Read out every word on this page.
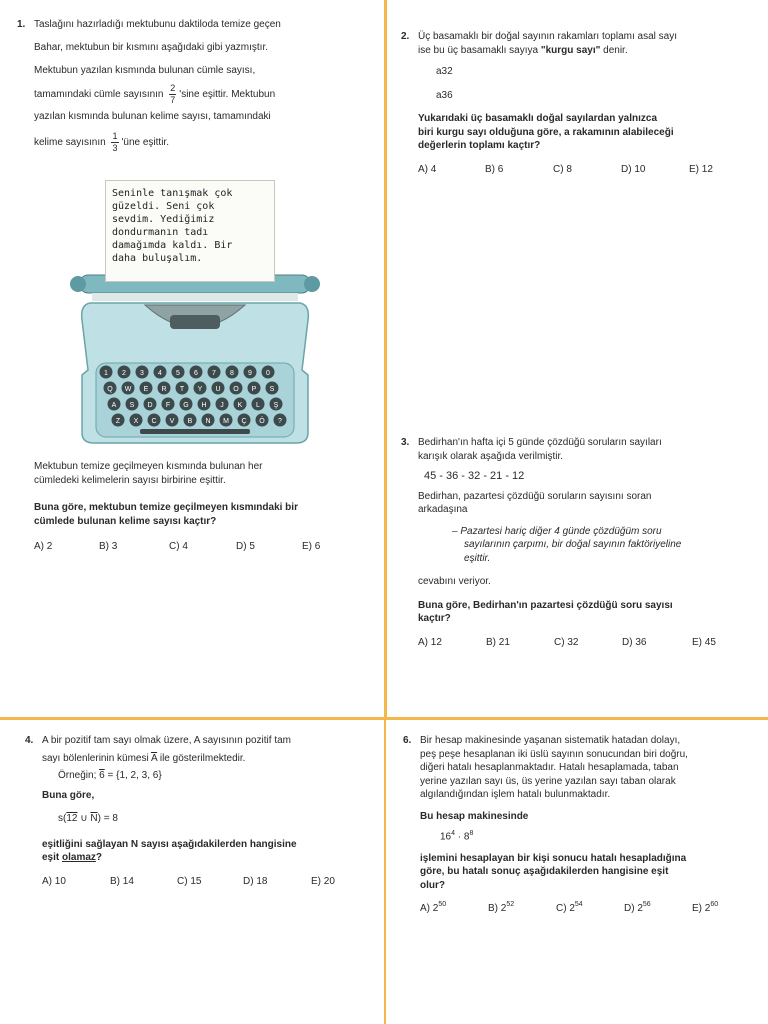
1. Taslağını hazırladığı mektubunu daktiloda temize geçen
Bahar, mektubun bir kısmını aşağıdaki gibi yazmıştır.
Mektubun yazılan kısmında bulunan cümle sayısı,
tamamındaki cümle sayısının $\frac{2}{7}$ 'sine eşittir. Mektubun
yazılan kısmında bulunan kelime sayısı, tamamındaki
kelime sayısının $\frac{1}{3}$ 'üne eşittir.
1 2 3 4 5 6 7 8 9 0
Q W E R T Y U O P S
A S D F G H J K L Ş
Z X C V B N M Ç Ö ?
Seninle tanışmak çok
güzeldi. Seni çok
sevdim. Yediğimiz
dondurmanın tadı
damağımda kaldı. Bir
daha buluşalım.
Mektubun temize geçilmeyen kısmında bulunan her
cümledeki kelimelerin sayısı birbirine eşittir.
Buna göre, mektubun temize geçilmeyen kısmındaki bir
cümlede bulunan kelime sayısı kaçtır?
A) 2	B) 3	C) 4	D) 5	E) 6
2. Üç basamaklı bir doğal sayının rakamları toplamı asal sayı
ise bu üç basamaklı sayıya "kurgu sayı" denir.
a32
a36
Yukarıdaki üç basamaklı doğal sayılardan yalnızca
biri kurgu sayı olduğuna göre, a rakamının alabileceği
değerlerin toplamı kaçtır?
A) 4	B) 6	C) 8	D) 10	E) 12
3. Bedirhan'ın hafta içi 5 günde çözdüğü soruların sayıları
karışık olarak aşağıda verilmiştir.
45 - 36 - 32 - 21 - 12
Bedirhan, pazartesi çözdüğü soruların sayısını soran
arkadaşına
– Pazartesi hariç diğer 4 günde çözdüğüm soru
sayılarının çarpımı, bir doğal sayının faktöriyeline
eşittir.
cevabını veriyor.
Buna göre, Bedirhan'ın pazartesi çözdüğü soru sayısı
kaçtır?
A) 12	B) 21	C) 32	D) 36	E) 45
4. A bir pozitif tam sayı olmak üzere, A sayısının pozitif tam
sayı bölenlerinin kümesi $\overline{A}$ ile gösterilmektedir.
Örneğin; 6 = {1, 2, 3, 6}
Buna göre,
s(12 ∪ $\overline{N}) = 8$
eşitliğini sağlayan N sayısı aşağıdakilerden hangisine
eşit olamaz?
A) 10	B) 14	C) 15	D) 18	E) 20
6. Bir hesap makinesinde yaşanan sistematik hatadan dolayı,
peş peşe hesaplanan iki üslü sayının sonucundan biri doğru,
diğeri hatalı hesaplanmaktadır. Hatalı hesaplamada, taban
yerine yazılan sayı üs, üs yerine yazılan sayı taban olarak
algılandığından işlem hatalı bulunmaktadır.
Bu hesap makinesinde
$16^4 \cdot 8^8$
işlemini hesaplayan bir kişi sonucu hatalı hesapladığına
göre, bu hatalı sonuç aşağıdakilerden hangisine eşit
olur?
A) $2^{50}$	B) $2^{52}$	C) $2^{54}$	D) $2^{56}$	E) $2^{60}$
